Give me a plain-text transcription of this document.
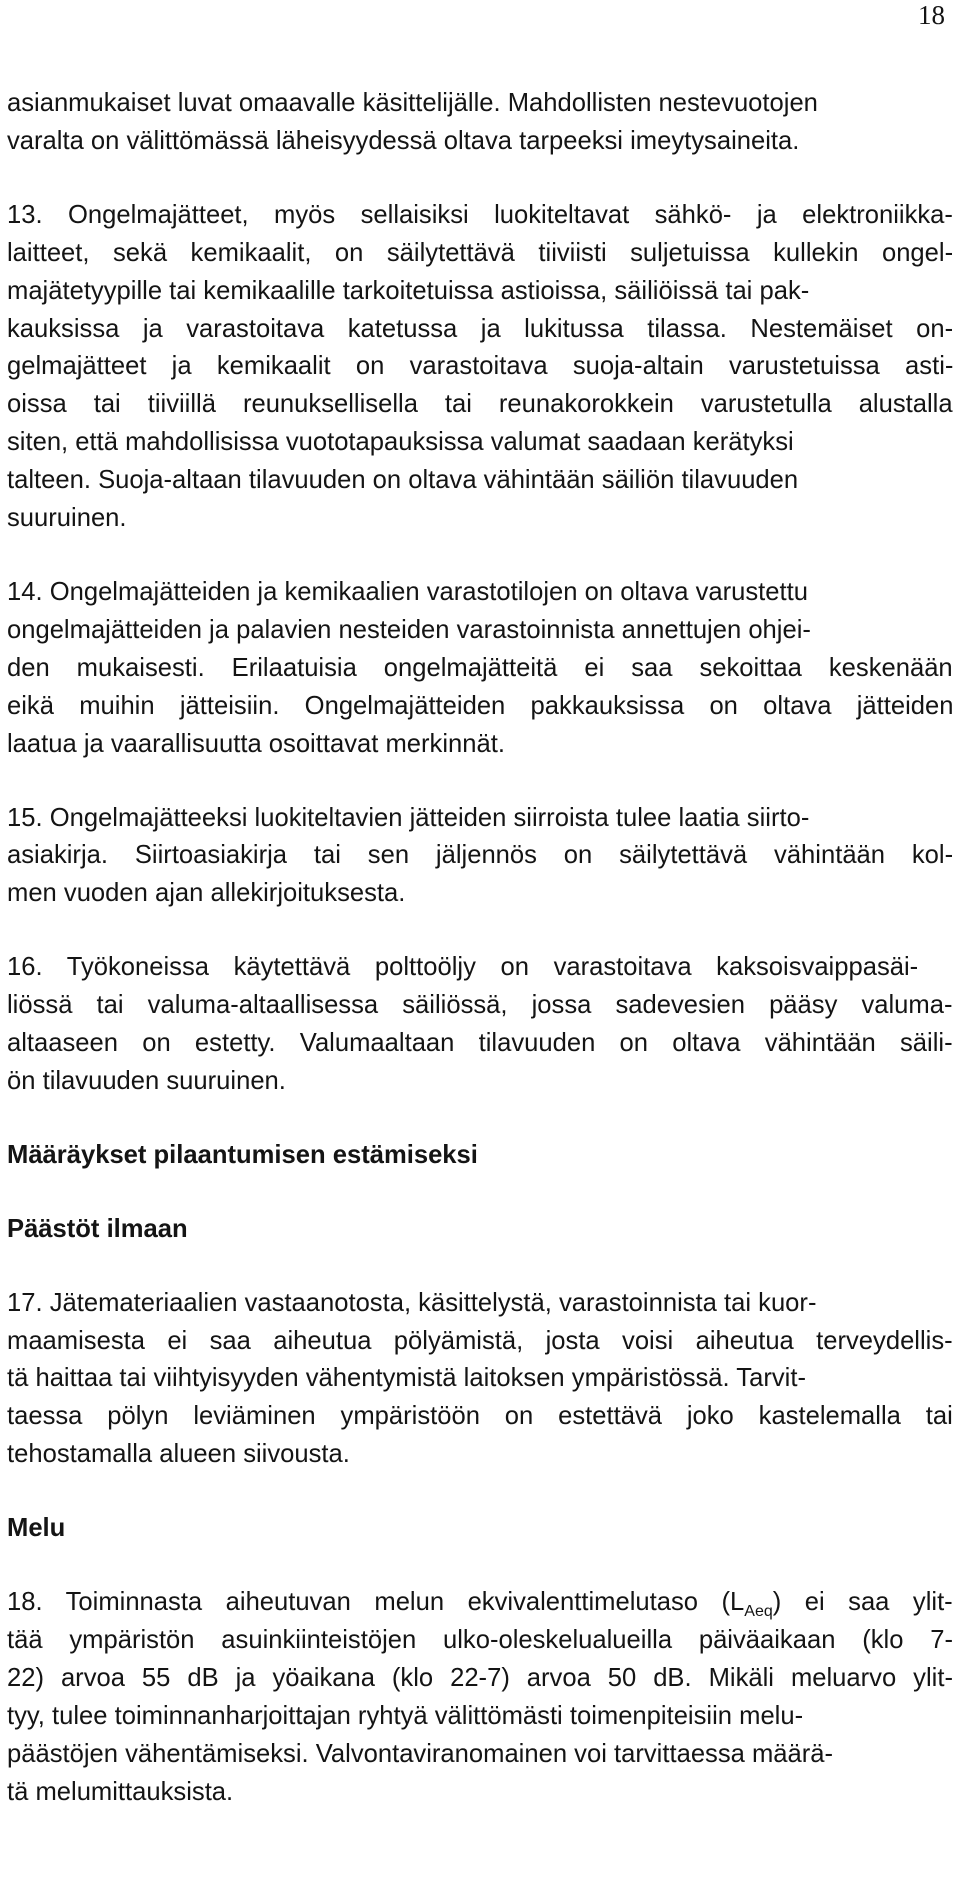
18
asianmukaiset luvat omaavalle käsittelijälle. Mahdollisten nestevuotojen
varalta on välittömässä läheisyydessä oltava tarpeeksi imeytysaineita.
13. Ongelmajätteet, myös sellaisiksi luokiteltavat sähkö- ja elektroniikka-
laitteet, sekä kemikaalit, on säilytettävä tiiviisti suljetuissa kullekin ongel-
majätetyypille tai kemikaalille tarkoitetuissa astioissa, säiliöissä tai pak-
kauksissa ja varastoitava katetussa ja lukitussa tilassa. Nestemäiset on-
gelmajätteet ja kemikaalit on varastoitava suoja-altain varustetuissa asti-
oissa tai tiiviillä reunuksellisella tai reunakorokkein varustetulla alustalla
siten, että mahdollisissa vuototapauksissa valumat saadaan kerätyksi
talteen. Suoja-altaan tilavuuden on oltava vähintään säiliön tilavuuden
suuruinen.
14. Ongelmajätteiden ja kemikaalien varastotilojen on oltava varustettu
ongelmajätteiden ja palavien nesteiden varastoinnista annettujen ohjei-
den mukaisesti. Erilaatuisia ongelmajätteitä ei saa sekoittaa keskenään
eikä muihin jätteisiin. Ongelmajätteiden pakkauksissa on oltava jätteiden
laatua ja vaarallisuutta osoittavat merkinnät.
15. Ongelmajätteeksi luokiteltavien jätteiden siirroista tulee laatia siirto-
asiakirja. Siirtoasiakirja tai sen jäljennös on säilytettävä vähintään kol-
men vuoden ajan allekirjoituksesta.
16. Työkoneissa käytettävä polttoöljy on varastoitava kaksoisvaippasäi-
liössä tai valuma-altaallisessa säiliössä, jossa sadevesien pääsy valuma-
altaaseen on estetty. Valumaaltaan tilavuuden on oltava vähintään säili-
ön tilavuuden suuruinen.

Määräykset pilaantumisen estämiseksi

Päästöt ilmaan

17. Jätemateriaalien vastaanotosta, käsittelystä, varastoinnista tai kuor-
maamisesta ei saa aiheutua pölyämistä, josta voisi aiheutua terveydellis-
tä haittaa tai viihtyisyyden vähentymistä laitoksen ympäristössä. Tarvit-
taessa pölyn leviäminen ympäristöön on estettävä joko kastelemalla tai
tehostamalla alueen siivousta.

Melu

18. Toiminnasta aiheutuvan melun ekvivalenttimelutaso $(L_{Aeq})$ ei saa ylit-
tää ympäristön asuinkiinteistöjen ulko-oleskelualueilla päiväaikaan (klo 7-
22) arvoa 55 dB ja yöaikana (klo 22-7) arvoa 50 dB. Mikäli meluarvo ylit-
tyy, tulee toiminnanharjoittajan ryhtyä välittömästi toimenpiteisiin melu-
päästöjen vähentämiseksi. Valvontaviranomainen voi tarvittaessa määrä-
tä melumittauksista.
